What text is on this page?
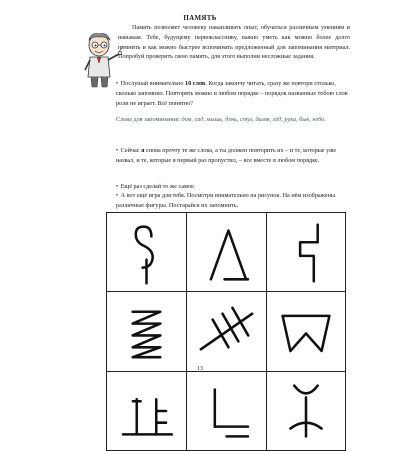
ПАМЯТЬ
Память позволяет человеку накапливать опыт, обучаться различным умениям и навыкам. Тебе, будущему первокласснику, важно уметь как можно более долго помнить и как можно быстрее вспоминать предложенный для запоминания материал. Попробуй проверить свою память, для этого выполни несложные задания.
• Послушай внимательно 10 слов. Когда закончу читать, сразу же повтори столько, сколько запомнил. Повторять можно в любом порядке – порядок названных тобою слов роли не играет. Всё понятно?
Слова для запоминания: дом, сад, мышь, день, стул, дымк, лёд, рука, бык, небо.
• Сейчас я снова прочту те же слова, а ты должен повторить их – и те, которые уже назвал, и те, которые в первый раз пропустил, – все вместе в любом порядке.
• Ещё раз сделай то же самое.
• А вот ещё игра для тебя. Посмотри внимательно на рисунок. На нём изображены различные фигуры. Постарайся их запомнить.
13
